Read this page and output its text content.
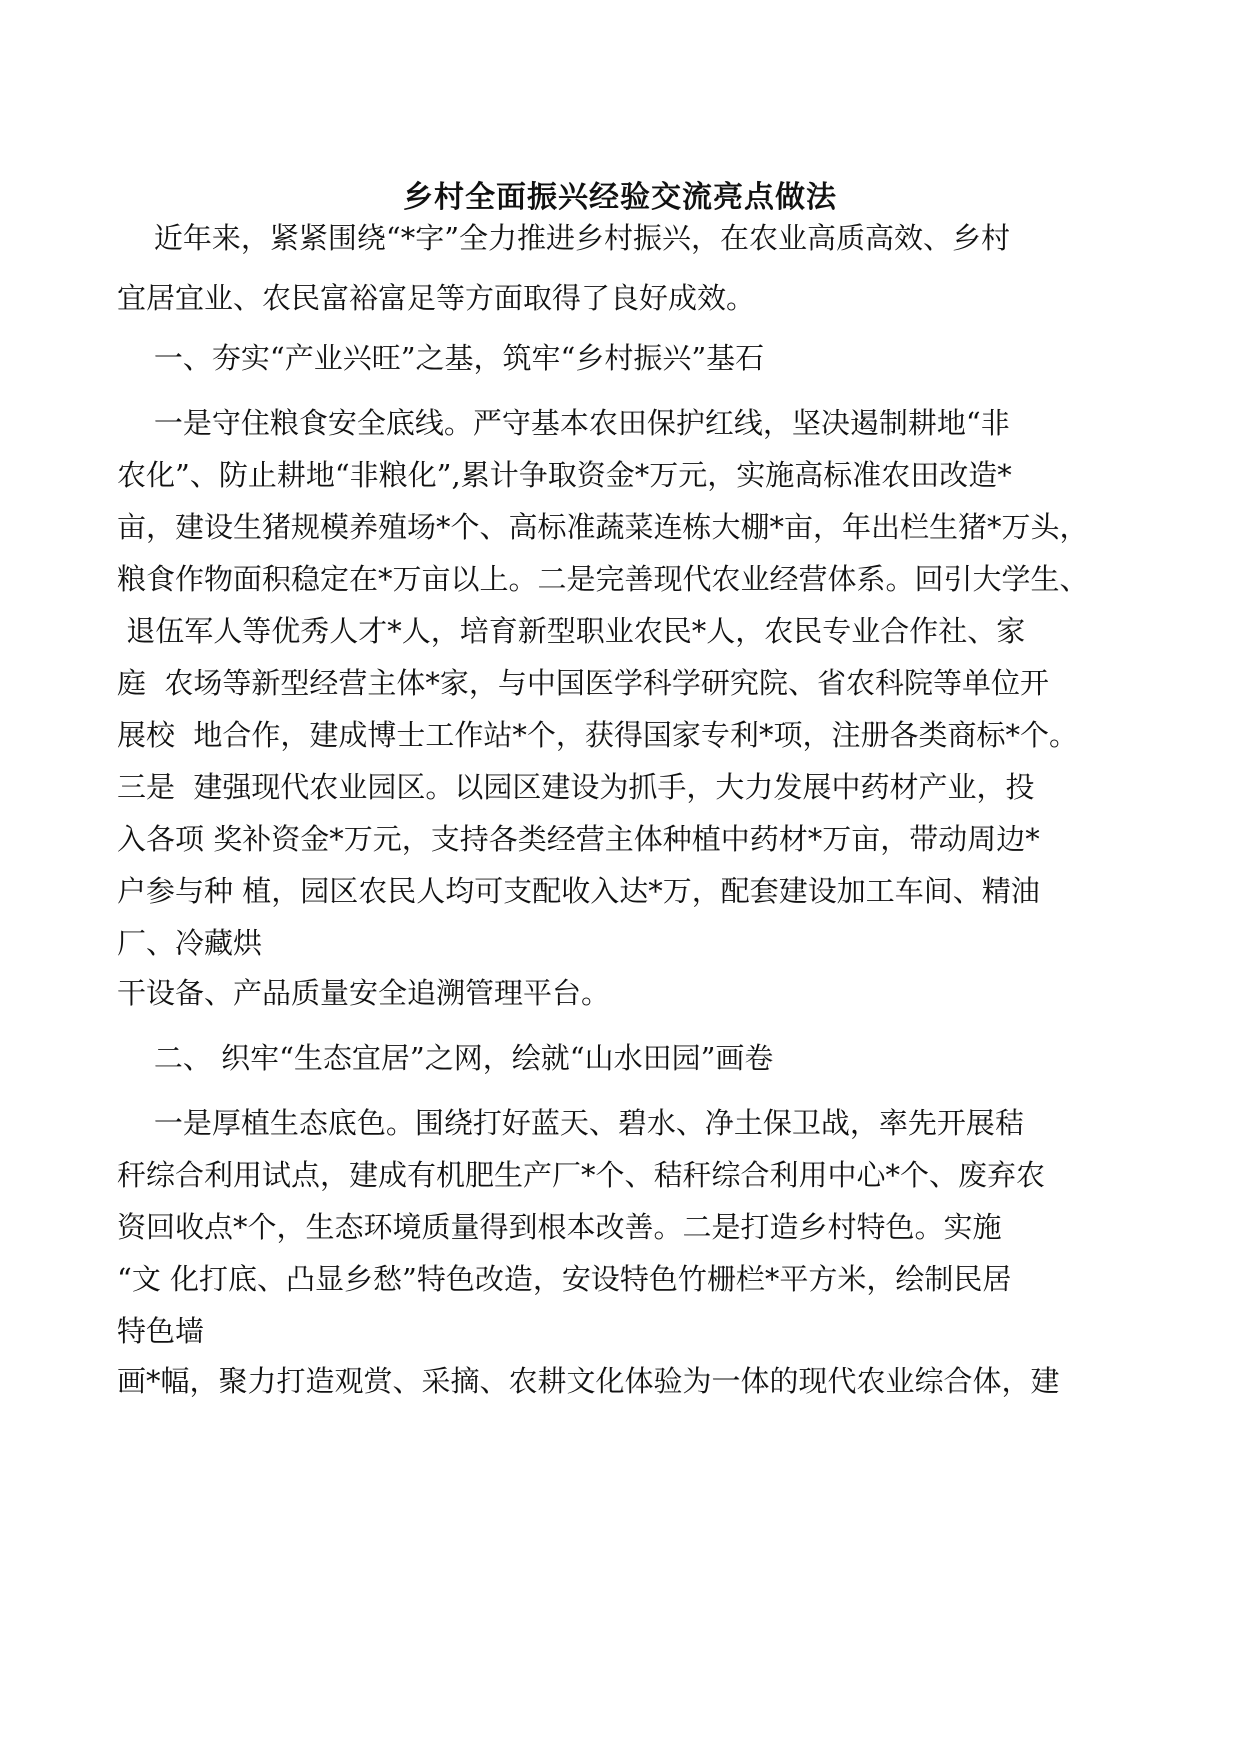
乡村全面振兴经验交流亮点做法
近年来，紧紧围绕“*字”全力推进乡村振兴，在农业高质高效、乡村
宜居宜业、农民富裕富足等方面取得了良好成效。
一、夯实“产业兴旺”之基，筑牢“乡村振兴”基石
一是守住粮食安全底线。严守基本农田保护红线，坚决遏制耕地“非
农化”、防止耕地“非粮化”,累计争取资金*万元，实施高标准农田改造*
亩，建设生猪规模养殖场*个、高标准蔬菜连栋大棚*亩，年出栏生猪*万头，
粮食作物面积稳定在*万亩以上。二是完善现代农业经营体系。回引大学生、
退伍军人等优秀人才*人，培育新型职业农民*人，农民专业合作社、家
庭  农场等新型经营主体*家，与中国医学科学研究院、省农科院等单位开
展校  地合作，建成博士工作站*个，获得国家专利*项，注册各类商标*个。
三是  建强现代农业园区。以园区建设为抓手，大力发展中药材产业，投
入各项 奖补资金*万元，支持各类经营主体种植中药材*万亩，带动周边*
户参与种 植，园区农民人均可支配收入达*万，配套建设加工车间、精油
厂、冷藏烘
干设备、产品质量安全追溯管理平台。
二、 织牢“生态宜居”之网，绘就“山水田园”画卷
一是厚植生态底色。围绕打好蓝天、碧水、净土保卫战，率先开展秸
秆综合利用试点，建成有机肥生产厂*个、秸秆综合利用中心*个、废弃农
资回收点*个，生态环境质量得到根本改善。二是打造乡村特色。实施
“文 化打底、凸显乡愁”特色改造，安设特色竹栅栏*平方米，绘制民居
特色墙
画*幅，聚力打造观赏、采摘、农耕文化体验为一体的现代农业综合体，建
